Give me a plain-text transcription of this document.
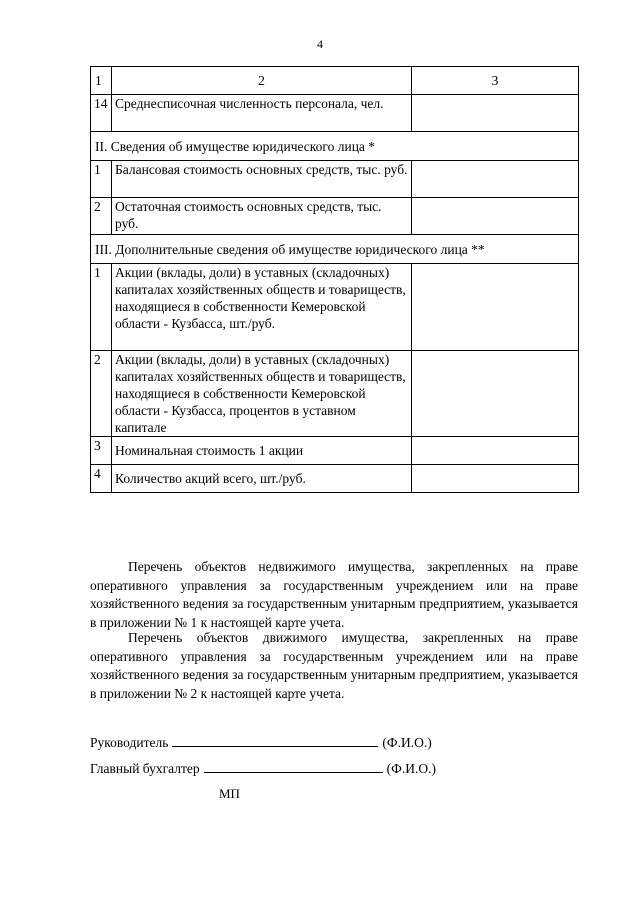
4
1	2	3
14	Среднесписочная численность персонала, чел.	
II. Сведения об имуществе юридического лица *		
1	Балансовая стоимость основных средств, тыс. руб.	
2	Остаточная стоимость основных средств, тыс. руб.	
III. Дополнительные сведения об имуществе юридического лица **		
1	Акции (вклады, доли) в уставных (складочных) капиталах хозяйственных обществ и товариществ, находящиеся в собственности Кемеровской области - Кузбасса, шт./руб.	
2	Акции (вклады, доли) в уставных (складочных) капиталах хозяйственных обществ и товариществ, находящиеся в собственности Кемеровской области - Кузбасса, процентов в уставном капитале	
3	Номинальная стоимость 1 акции	
4	Количество акций всего, шт./руб.	
Перечень объектов недвижимого имущества, закрепленных на праве оперативного управления за государственным учреждением или на праве хозяйственного ведения за государственным унитарным предприятием, указывается в приложении № 1 к настоящей карте учета.
Перечень объектов движимого имущества, закрепленных на праве оперативного управления за государственным учреждением или на праве хозяйственного ведения за государственным унитарным предприятием, указывается в приложении № 2 к настоящей карте учета.
Руководитель	(Ф.И.О.)
Главный бухгалтер	(Ф.И.О.)
МП
